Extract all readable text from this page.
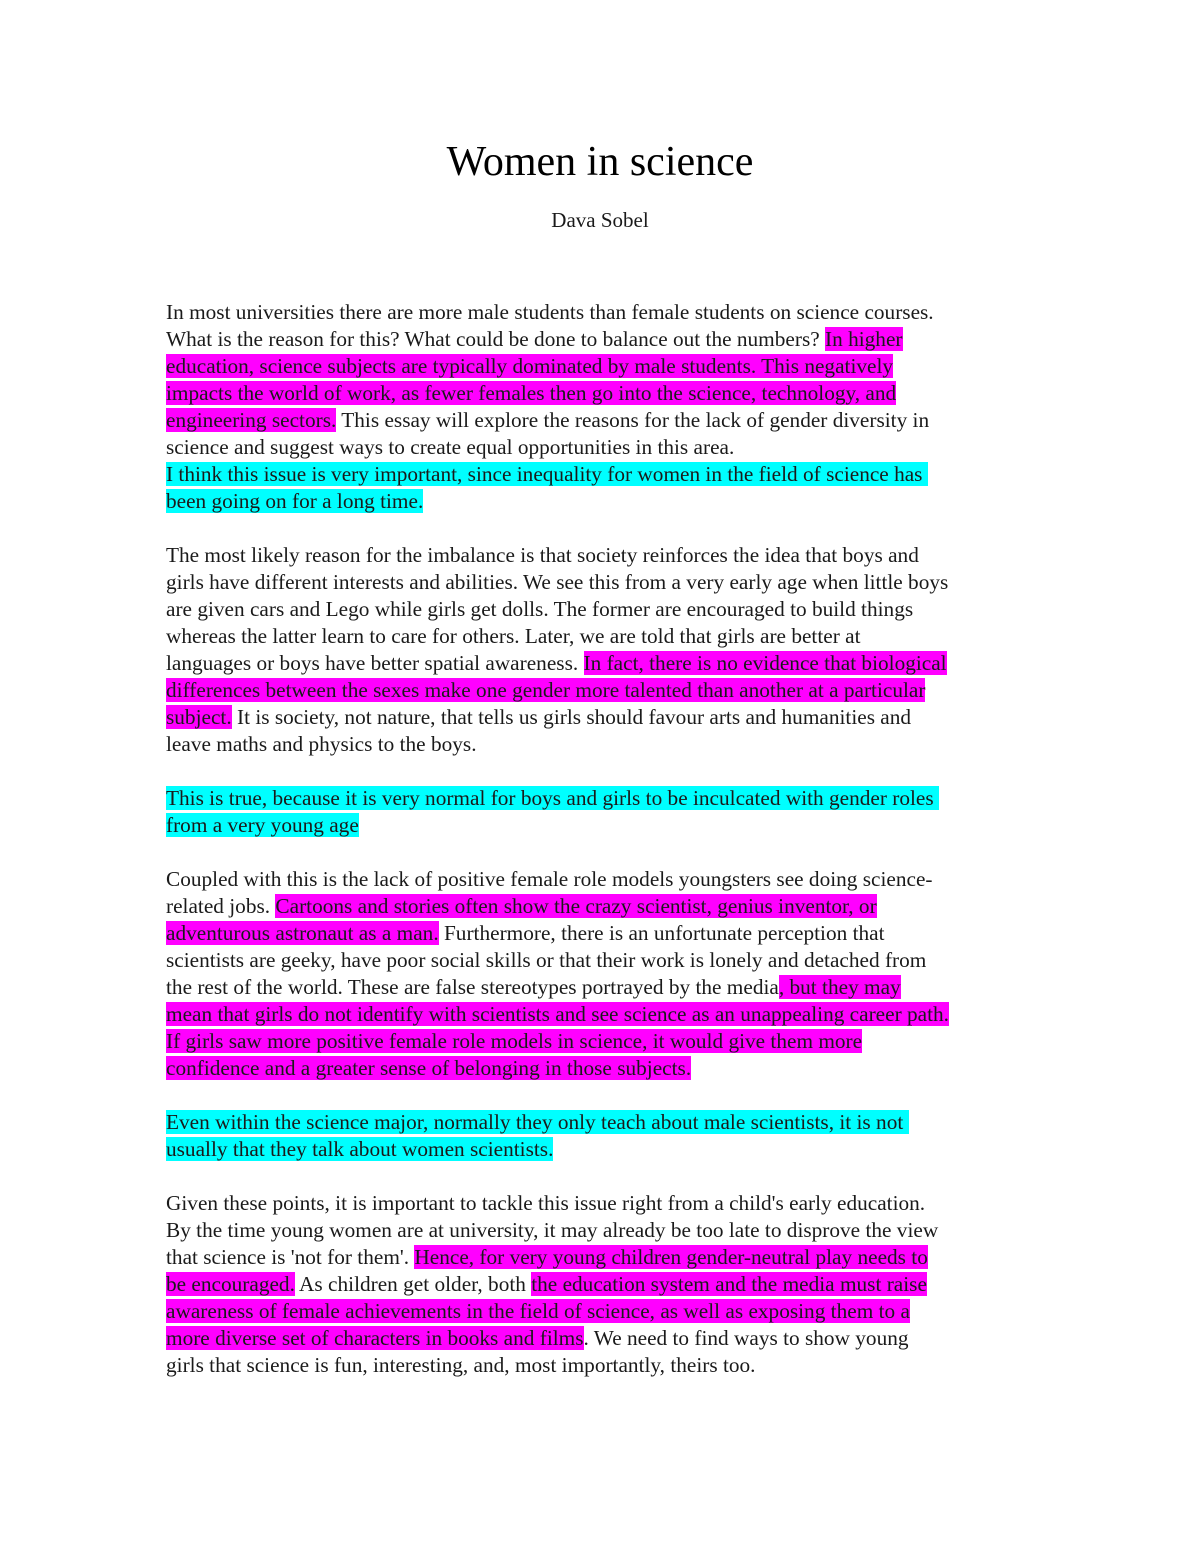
Women in science
Dava Sobel
In most universities there are more male students than female students on science courses.
What is the reason for this? What could be done to balance out the numbers? In higher
education, science subjects are typically dominated by male students. This negatively
impacts the world of work, as fewer females then go into the science, technology, and
engineering sectors. This essay will explore the reasons for the lack of gender diversity in
science and suggest ways to create equal opportunities in this area.
I think this issue is very important, since inequality for women in the field of science has
been going on for a long time.
The most likely reason for the imbalance is that society reinforces the idea that boys and
girls have different interests and abilities. We see this from a very early age when little boys
are given cars and Lego while girls get dolls. The former are encouraged to build things
whereas the latter learn to care for others. Later, we are told that girls are better at
languages or boys have better spatial awareness. In fact, there is no evidence that biological
differences between the sexes make one gender more talented than another at a particular
subject. It is society, not nature, that tells us girls should favour arts and humanities and
leave maths and physics to the boys.
This is true, because it is very normal for boys and girls to be inculcated with gender roles
from a very young age
Coupled with this is the lack of positive female role models youngsters see doing science-
related jobs. Cartoons and stories often show the crazy scientist, genius inventor, or
adventurous astronaut as a man. Furthermore, there is an unfortunate perception that
scientists are geeky, have poor social skills or that their work is lonely and detached from
the rest of the world. These are false stereotypes portrayed by the media, but they may
mean that girls do not identify with scientists and see science as an unappealing career path.
If girls saw more positive female role models in science, it would give them more
confidence and a greater sense of belonging in those subjects.
Even within the science major, normally they only teach about male scientists, it is not
usually that they talk about women scientists.
Given these points, it is important to tackle this issue right from a child's early education.
By the time young women are at university, it may already be too late to disprove the view
that science is 'not for them'. Hence, for very young children gender-neutral play needs to
be encouraged. As children get older, both the education system and the media must raise
awareness of female achievements in the field of science, as well as exposing them to a
more diverse set of characters in books and films. We need to find ways to show young
girls that science is fun, interesting, and, most importantly, theirs too.
